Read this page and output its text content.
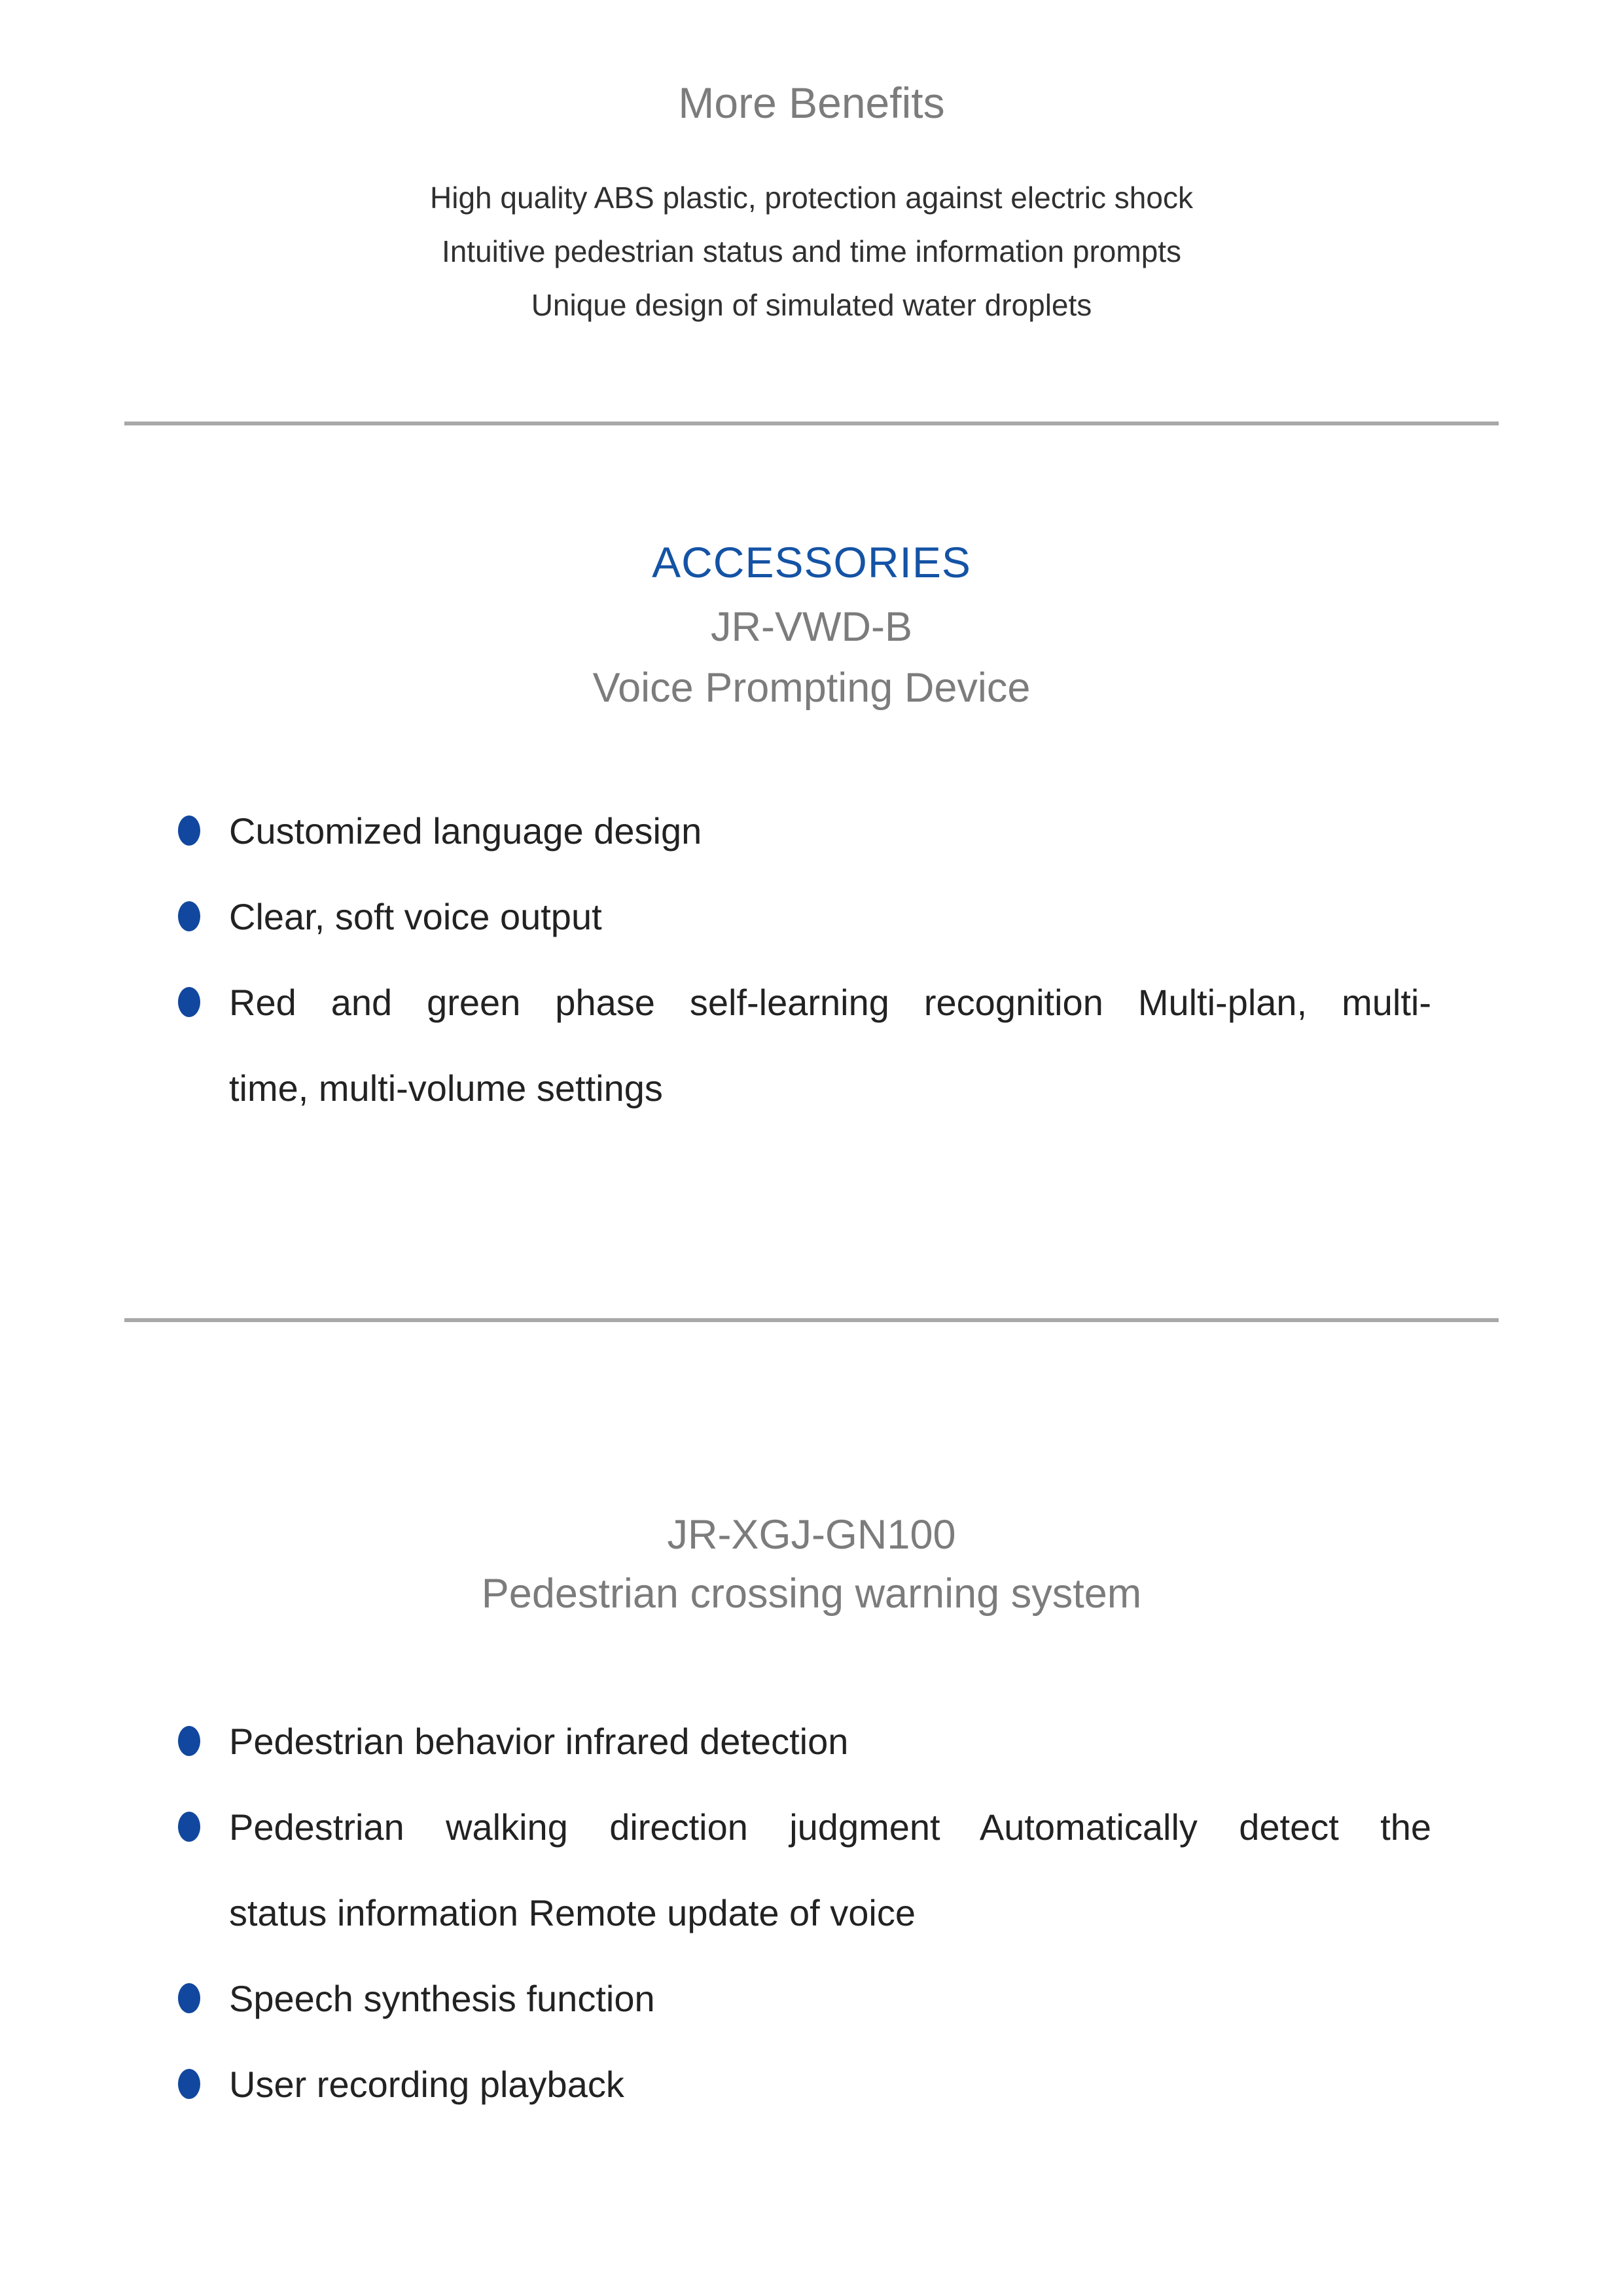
More Benefits
High quality ABS plastic, protection against electric shock
Intuitive pedestrian status and time information prompts
Unique design of simulated water droplets
ACCESSORIES
JR-VWD-B
Voice Prompting Device
Customized language design
Clear, soft voice output
Red and green phase self-learning recognition Multi-plan, multi-
time, multi-volume settings
JR-XGJ-GN100
Pedestrian crossing warning system
Pedestrian behavior infrared detection
Pedestrian walking direction judgment Automatically detect the
status information Remote update of voice
Speech synthesis function
User recording playback
